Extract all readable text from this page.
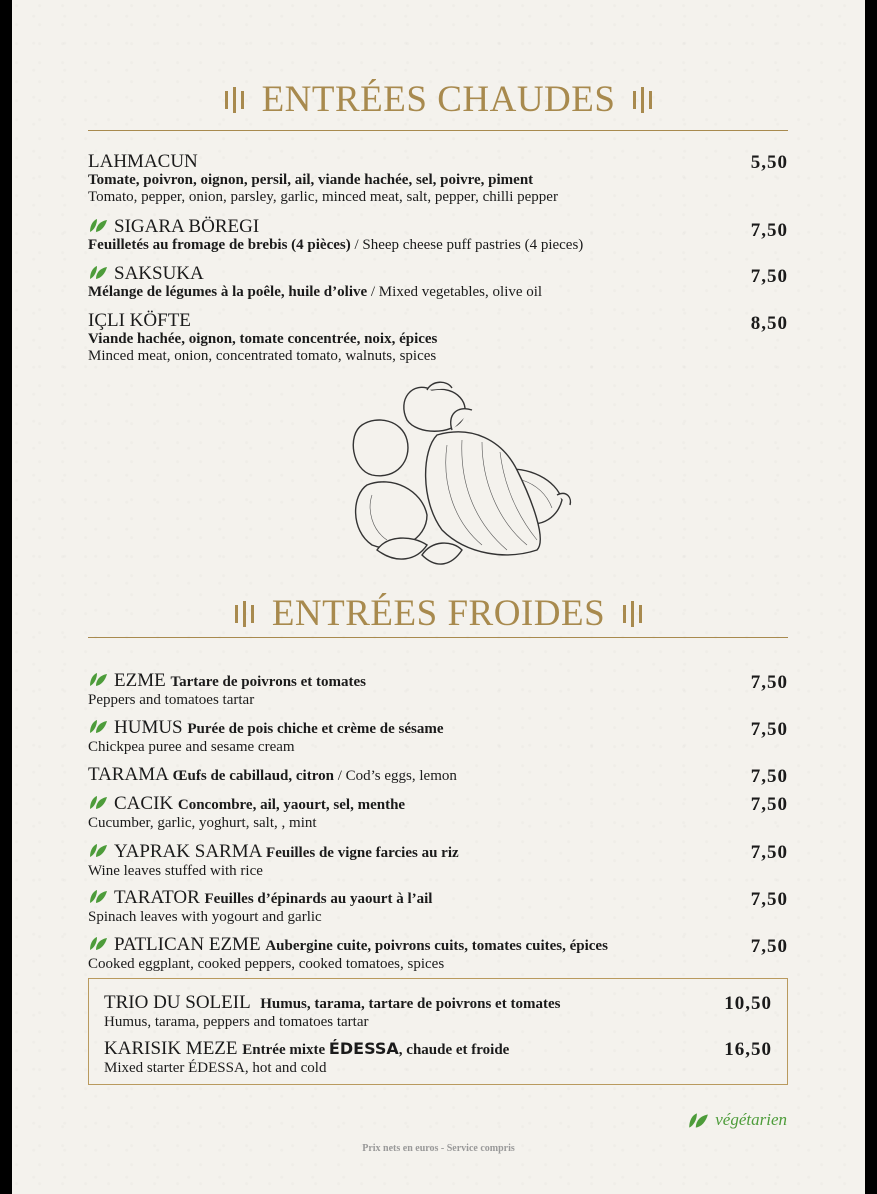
ENTRÉES CHAUDES
LAHMACUN
Tomate, poivron, oignon, persil, ail, viande hachée, sel, poivre, piment
Tomato, pepper, onion, parsley, garlic, minced meat, salt, pepper, chilli pepper
5,50
SIGARA BÖREGI
Feuilletés au fromage de brebis (4 pièces) / Sheep cheese puff pastries (4 pieces)
7,50
SAKSUKA
Mélange de légumes à la poêle, huile d’olive / Mixed vegetables, olive oil
7,50
IÇLI KÖFTE
Viande hachée, oignon, tomate concentrée, noix, épices
Minced meat, onion, concentrated tomato, walnuts, spices
8,50
ENTRÉES FROIDES
EZME Tartare de poivrons et tomates
Peppers and tomatoes tartar
7,50
HUMUS Purée de pois chiche et crème de sésame
Chickpea puree and sesame cream
7,50
TARAMA Œufs de cabillaud, citron / Cod’s eggs, lemon	7,50
CACIK Concombre, ail, yaourt, sel, menthe
Cucumber, garlic, yoghurt, salt, , mint
7,50
YAPRAK SARMA Feuilles de vigne farcies au riz
Wine leaves stuffed with rice
7,50
TARATOR Feuilles d’épinards au yaourt à l’ail
Spinach leaves with yogourt and garlic
7,50
PATLICAN EZME Aubergine cuite, poivrons cuits, tomates cuites, épices
Cooked eggplant, cooked peppers, cooked tomatoes, spices
7,50
TRIO DU SOLEIL Humus, tarama, tartare de poivrons et tomates
Humus, tarama, peppers and tomatoes tartar
10,50
KARISIK MEZE Entrée mixte ÉDESSA, chaude et froide
Mixed starter ÉDESSA, hot and cold
16,50
végétarien
Prix nets en euros - Service compris
